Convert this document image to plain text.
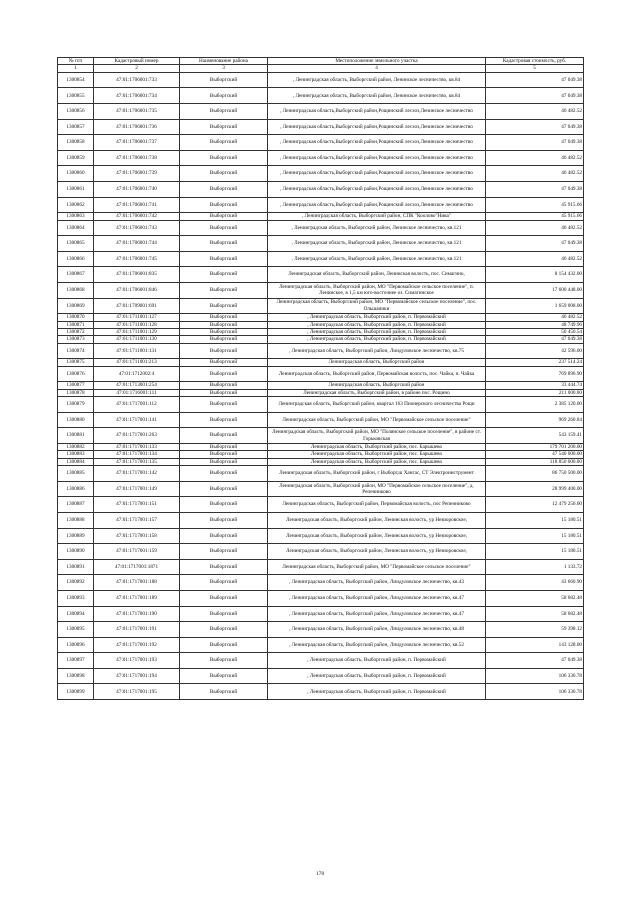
№ п/п	Кадастровый номер	Наименование района	Местоположение земельного участка	Кадастровая стоимость, руб.
1	2	3	4	5
1300854	47:01:1706001:733	Выборгский	, Ленинградская область, Выборгский район, Ленинское лесничество, кв.84	47 049.38
1300855	47:01:1706001:734	Выборгский	, Ленинградская область, Выборгский район, Ленинское лесничество, кв.84	47 049.38
1300856	47:01:1706001:735	Выборгский	, Ленинградская область,Выборгский район,Рощинский лесхоз,Ленинское лесничество	46 482.52
1300857	47:01:1706001:736	Выборгский	, Ленинградская область,Выборгский район,Рощинский лесхоз,Ленинское лесничество	47 049.38
1300858	47:01:1706001:737	Выборгский	, Ленинградская область,Выборгский район,Рощинский лесхоз,Ленинское лесничество	47 049.38
1300859	47:01:1706001:738	Выборгский	, Ленинградская область,Выборгский район,Рощинский лесхоз,Ленинское лесничество	46 482.52
1300860	47:01:1706001:739	Выборгский	, Ленинградская область,Выборгский район,Рощинский лесхоз,Ленинское лесничество	46 482.52
1300861	47:01:1706001:740	Выборгский	, Ленинградская область,Выборгский район,Рощинский лесхоз,Ленинское лесничество	47 049.38
1300862	47:01:1706001:741	Выборгский	, Ленинградская область,Выборгский район,Рощинский лесхоз,Ленинское лесничество	45 915.66
1300863	47:01:1706001:742	Выборгский	, Ленинградская область, Выборгский район, СПК "Коолово"Нива"	45 915.66
1300864	47:01:1706001:743	Выборгский	, Ленинградская область, Выборгский район, Ленинское лесничество, кв.121	46 482.52
1300865	47:01:1706001:744	Выборгский	, Ленинградская область, Выборгский район, Ленинское лесничество, кв.121	47 049.38
1300866	47:01:1706001:745	Выборгский	, Ленинградская область, Выборгский район, Ленинское лесничество, кв.121	46 482.52
1300867	47:01:1706001:835	Выборгский	Ленинградская область, Выборгский район, Ленинская волость, пос. Симагино,	8 154 432.00
1300868	47:01:1706001:846	Выборгский	Ленинградская область, Выборгский район, МО "Первомайское сельское поселение", п. Ленинское, в 1,5 км юго-восточнее оз. Симагинское	17 600 448.00
1300869	47:01:1709001:691	Выборгский	Ленинградская область, Выборгский район, МО "Первомайское сельское поселение", пос. Ольшаники	1 659 008.00
1300870	47:01:1711001:127	Выборгский	, Ленинградская область, Выборгский район, п. Первомайский	46 482.52
1300871	47:01:1711001:128	Выборгский	, Ленинградская область, Выборгский район, п. Первомайский	48 749.96
1300872	47:01:1711001:129	Выборгский	, Ленинградская область, Выборгский район, п. Первомайский	50 450.54
1300873	47:01:1711001:130	Выборгский	, Ленинградская область, Выборгский район, п. Первомайский	47 049.38
1300874	47:01:1711001:131	Выборгский	, Ленинградская область, Выборгский район, Лиидуловское лесничество, кв.75	42 596.00
1300875	47:01:1711001:213	Выборгский	Ленинградская область, Выборгский район	237 514.24
1300876	47:01:1712002:4	Выборгский	Ленинградская область, Выборгский район, Первомайская волость, пос. Чайка, п. Чайка	769 896.90
1300877	47:01:1713001:254	Выборгский	Ленинградская область, Выборгский район	33 444.74
1300878	47:01:1716001:111	Выборгский	Ленинградская область, Выборгский район, в районе пос. Рощино	211 000.00
1300879	47:01:1717001:112	Выборгский	Ленинградская область, Выборгский район, квартал 163 Пионерского лесничества Рощи	2 385 120.00
1300880	47:01:1717001:141	Выборгский	Ленинградская область, Выборгский район, МО "Первомайское сельское поселение"	969 260.84
1300881	47:01:1717001:263	Выборгский	Ленинградская область, Выборгский район, МО "Полянское сельское поселение", в районе ст. Горьковская	543 159.41
1300882	47:01:1717001:133	Выборгский	Ленинградская область, Выборгский район, пос. Барышево	179 701 200.00
1300883	47:01:1717001:134	Выборгский	Ленинградская область, Выборгский район, пос. Барышево	47 540 000.00
1300884	47:01:1717001:135	Выборгский	Ленинградская область, Выборгский район, пос. Барышево	118 850 000.00
1300885	47:01:1717001:142	Выборгский	Ленинградская область, Выборгский район, г Выборг,ш Хангас, СТ Электроинструмент	86 750 500.00
1300886	47:01:1717001:149	Выборгский	Ленинградская область, Выборгский район, МО "Первомайское сельское поселение", д. Репенниково	28 999 400.00
1300887	47:01:1717001:151	Выборгский	Ленинградская область, Выборгский район, Первомайская волость, пос Репенниково	12 479 250.00
1300888	47:01:1717001:157	Выборгский	Ленинградская область, Выборгский район, Ленинская волость, ур Невзоровское,	15 180.51
1300889	47:01:1717001:158	Выборгский	Ленинградская область, Выборгский район, Ленинская волость, ур Невзоровское,	15 180.51
1300890	47:01:1717001:159	Выборгский	Ленинградская область, Выборгский район, Ленинская волость, ур Невзоровское,	15 180.51
1300891	47:01:1717001:1871	Выборгский	Ленинградская область, Выборгский район, МО "Первомайское сельское поселение"	1 133.72
1300892	47:01:1717001:188	Выборгский	, Ленинградская область, Выборгский район, Лиидуловское лесничество, кв.43	43 660.90
1300893	47:01:1717001:189	Выборгский	, Ленинградская область, Выборгский район, Лиидуловское лесничество, кв.47	58 682.48
1300894	47:01:1717001:190	Выборгский	, Ленинградская область, Выборгский район, Лиидуловское лесничество, кв.47	58 682.48
1300895	47:01:1717001:191	Выборгский	, Ленинградская область, Выборгский район, Лиидуловское лесничество, кв.48	59 398.12
1300896	47:01:1717001:192	Выборгский	, Ленинградская область, Выборгский район, Лиидуловское лесничество, кв.52	143 128.00
1300897	47:01:1717001:193	Выборгский	, Ленинградская область, Выборгский район, п. Первомайский	47 049.38
1300898	47:01:1717001:194	Выборгский	, Ленинградская область, Выборгский район, п. Первомайский	106 336.78
1300899	47:01:1717001:195	Выборгский	, Ленинградская область, Выборгский район, п. Первомайский	106 336.78
178
